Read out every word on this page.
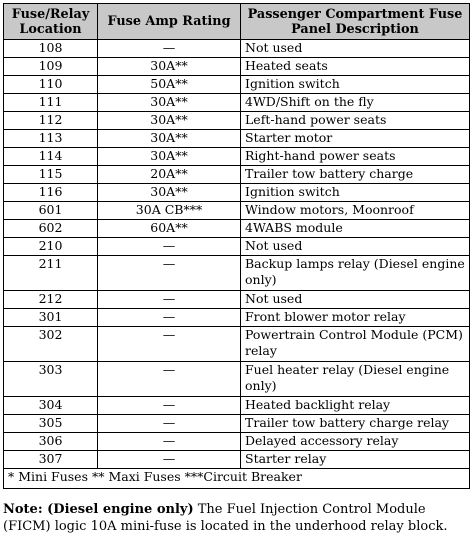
Fuse/Relay Location	Fuse Amp Rating	Passenger Compartment Fuse Panel Description
108	—	Not used
109	30A**	Heated seats
110	50A**	Ignition switch
111	30A**	4WD/Shift on the fly
112	30A**	Left-hand power seats
113	30A**	Starter motor
114	30A**	Right-hand power seats
115	20A**	Trailer tow battery charge
116	30A**	Ignition switch
601	30A CB***	Window motors, Moonroof
602	60A**	4WABS module
210	—	Not used
211	—	Backup lamps relay (Diesel engine only)
212	—	Not used
301	—	Front blower motor relay
302	—	Powertrain Control Module (PCM) relay
303	—	Fuel heater relay (Diesel engine only)
304	—	Heated backlight relay
305	—	Trailer tow battery charge relay
306	—	Delayed accessory relay
307	—	Starter relay
* Mini Fuses ** Maxi Fuses ***Circuit Breaker		
Note: (Diesel engine only) The Fuel Injection Control Module (FICM) logic 10A mini-fuse is located in the underhood relay block.
